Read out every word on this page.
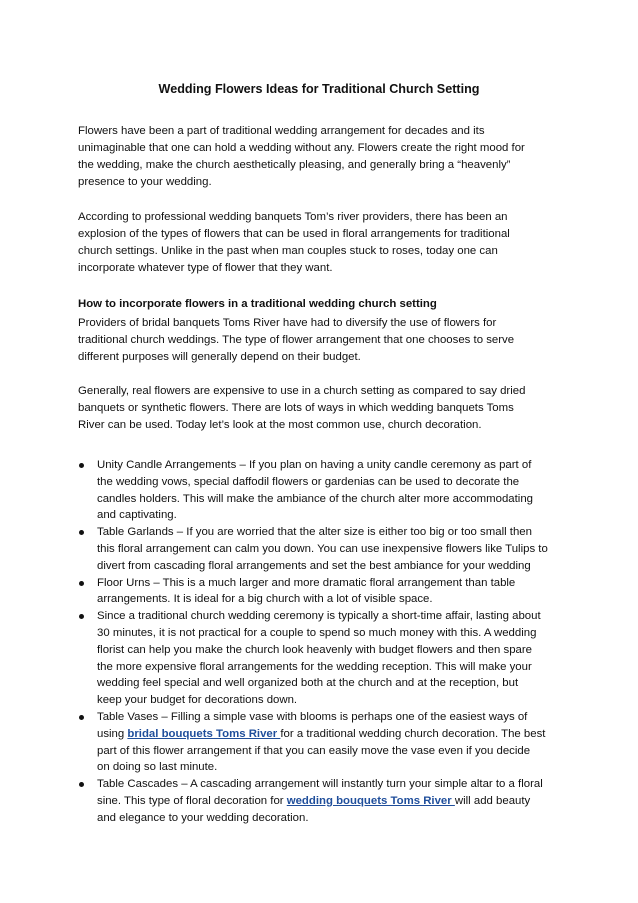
Wedding Flowers Ideas for Traditional Church Setting

Flowers have been a part of traditional wedding arrangement for decades and its
unimaginable that one can hold a wedding without any. Flowers create the right mood for
the wedding, make the church aesthetically pleasing, and generally bring a “heavenly”
presence to your wedding.

According to professional wedding banquets Tom’s river providers, there has been an
explosion of the types of flowers that can be used in floral arrangements for traditional
church settings. Unlike in the past when man couples stuck to roses, today one can
incorporate whatever type of flower that they want.

How to incorporate flowers in a traditional wedding church setting

Providers of bridal banquets Toms River have had to diversify the use of flowers for
traditional church weddings. The type of flower arrangement that one chooses to serve
different purposes will generally depend on their budget.

Generally, real flowers are expensive to use in a church setting as compared to say dried
banquets or synthetic flowers. There are lots of ways in which wedding banquets Toms
River can be used. Today let’s look at the most common use, church decoration.

Unity Candle Arrangements – If you plan on having a unity candle ceremony as part of
the wedding vows, special daffodil flowers or gardenias can be used to decorate the
candles holders. This will make the ambiance of the church alter more accommodating
and captivating.
Table Garlands – If you are worried that the alter size is either too big or too small then
this floral arrangement can calm you down. You can use inexpensive flowers like Tulips to
divert from cascading floral arrangements and set the best ambiance for your wedding
Floor Urns – This is a much larger and more dramatic floral arrangement than table
arrangements. It is ideal for a big church with a lot of visible space.
Since a traditional church wedding ceremony is typically a short-time affair, lasting about
30 minutes, it is not practical for a couple to spend so much money with this. A wedding
florist can help you make the church look heavenly with budget flowers and then spare
the more expensive floral arrangements for the wedding reception. This will make your
wedding feel special and well organized both at the church and at the reception, but
keep your budget for decorations down.
Table Vases – Filling a simple vase with blooms is perhaps one of the easiest ways of
using bridal bouquets Toms River for a traditional wedding church decoration. The best
part of this flower arrangement if that you can easily move the vase even if you decide
on doing so last minute.
Table Cascades – A cascading arrangement will instantly turn your simple altar to a floral
sine. This type of floral decoration for wedding bouquets Toms River will add beauty
and elegance to your wedding decoration.
